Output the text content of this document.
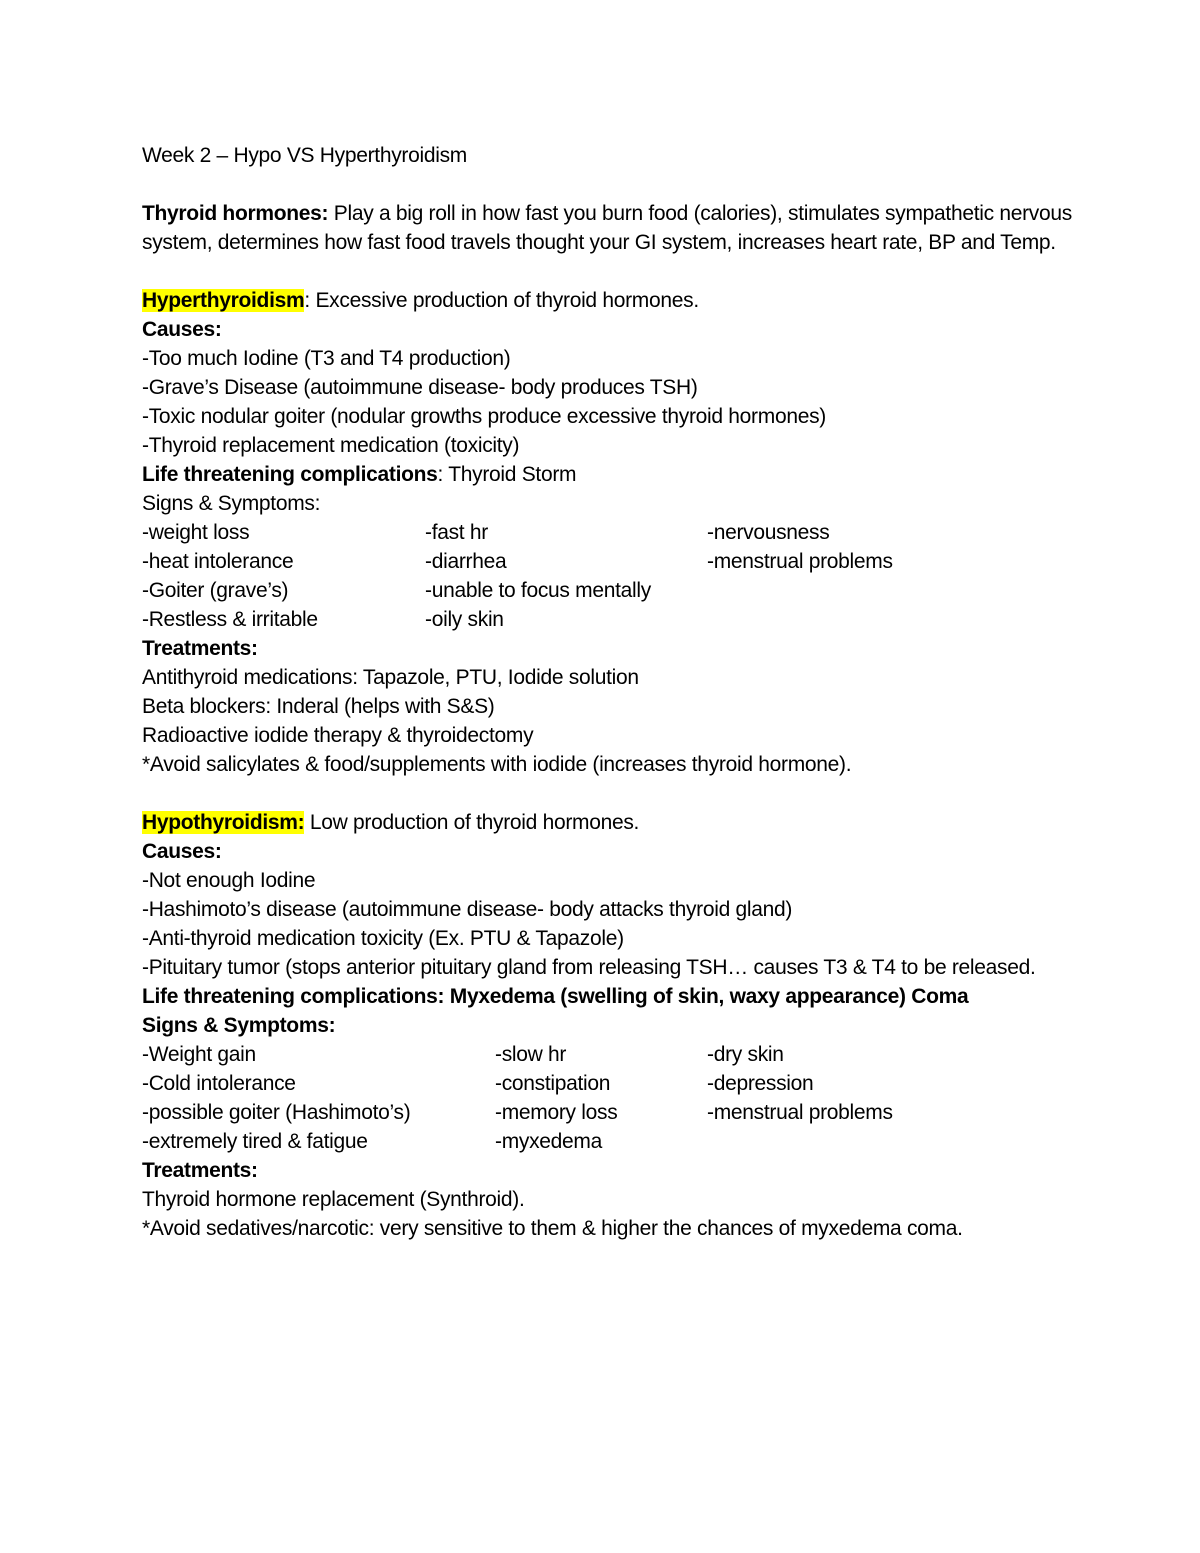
Week 2 – Hypo VS Hyperthyroidism
Thyroid hormones: Play a big roll in how fast you burn food (calories), stimulates sympathetic nervous system, determines how fast food travels thought your GI system, increases heart rate, BP and Temp.
Hyperthyroidism: Excessive production of thyroid hormones.
Causes:
-Too much Iodine (T3 and T4 production)
-Grave’s Disease (autoimmune disease- body produces TSH)
-Toxic nodular goiter (nodular growths produce excessive thyroid hormones)
-Thyroid replacement medication (toxicity)
Life threatening complications: Thyroid Storm
Signs & Symptoms:
-weight loss	-fast hr	-nervousness
-heat intolerance	-diarrhea	-menstrual problems
-Goiter (grave’s)	-unable to focus mentally
-Restless & irritable	-oily skin
Treatments:
Antithyroid medications: Tapazole, PTU, Iodide solution
Beta blockers: Inderal (helps with S&S)
Radioactive iodide therapy & thyroidectomy
*Avoid salicylates & food/supplements with iodide (increases thyroid hormone).
Hypothyroidism: Low production of thyroid hormones.
Causes:
-Not enough Iodine
-Hashimoto’s disease (autoimmune disease- body attacks thyroid gland)
-Anti-thyroid medication toxicity (Ex. PTU & Tapazole)
-Pituitary tumor (stops anterior pituitary gland from releasing TSH… causes T3 & T4 to be released.
Life threatening complications: Myxedema (swelling of skin, waxy appearance) Coma
Signs & Symptoms:
-Weight gain	-slow hr	-dry skin
-Cold intolerance	-constipation	-depression
-possible goiter (Hashimoto’s)	-memory loss	-menstrual problems
-extremely tired & fatigue	-myxedema
Treatments:
Thyroid hormone replacement (Synthroid).
*Avoid sedatives/narcotic: very sensitive to them & higher the chances of myxedema coma.
